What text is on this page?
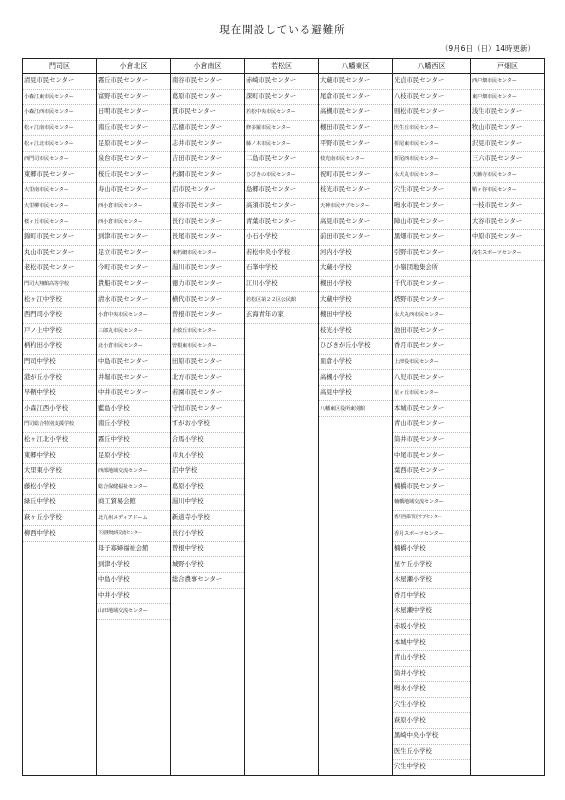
現在開設している避難所
（9月6日（日）14時更新）
門司区	小倉北区	小倉南区	若松区	八幡東区	八幡西区	戸畑区
清見市民センター	霧丘市民センター	南谷市民センター	赤崎市民センター	大蔵市民センター	光貞市民センター	西戸畑市民センター
小森江東市民センター	富野市民センター	葛原市民センター	深町市民センター	尾倉市民センター	八枝市民センター	東戸畑市民センター
小森江西市民センター	日明市民センター	貫市民センター	若松中央市民センター	高槻市民センター	則松市民センター	浅生市民センター
松ヶ江南市民センター	南丘市民センター	広徳市民センター	修多羅市民センター	槻田市民センター	医生丘市民センター	牧山市民センター
松ヶ江北市民センター	足原市民センター	志井市民センター	藤ノ木市民センター	平野市民センター	折尾東市民センター	沢見市民センター
西門司市民センター	泉台市民センター	吉田市民センター	二島市民センター	枝光南市民センター	折尾西市民センター	三六市民センター
東郷市民センター	桜丘市民センター	朽網市民センター	ひびきの市民センター	祝町市民センター	永犬丸市民センター	天籟寺市民センター
大里南市民センター	寿山市民センター	沼市民センター	島郷市民センター	枝光市民センター	穴生市民センター	鞘ヶ谷市民センター
大里柳市民センター	西小倉市民センター	東谷市民センター	高須市民センター	天神市民サブセンター	鳴水市民センター	一枝市民センター
桜ヶ丘市民センター	西小倉市民センター	長行市民センター	青葉市民センター	高見市民センター	陣山市民センター	大谷市民センター
錦町市民センター	到津市民センター	長尾市民センター	小石小学校	前田市民センター	黒畑市民センター	中原市民センター
丸山市民センター	足立市民センター	東朽網市民センター	若松中央小学校	河内小学校	引野市民センター	浅生スポーツセンター
老松市民センター	今町市民センター	湯川市民センター	石峯中学校	大蔵小学校	小嶺団地集会所	
門司大翔館高等学校	貴船市民センター	徳力市民センター	江川小学校	槻田小学校	千代市民センター	
松ヶ江中学校	清水市民センター	横代市民センター	若松区第２２区公民館	大蔵中学校	塔野市民センター	
西門司小学校	小倉中央市民センター	曽根市民センター	玄海青年の家	槻田中学校	永犬丸西市民センター	
戸ノ上中学校	三郎丸市民センター	企救丘市民センター		枝光小学校	池田市民センター	
柄杓田小学校	北小倉市民センター	曽根東市民センター		ひびきが丘小学校	香月市民センター	
門司中学校	中島市民センター	田原市民センター		皿倉小学校	上津役市民センター	
港が丘小学校	井堀市民センター	北方市民センター		高槻小学校	八児市民センター	
早鞆中学校	中井市民センター	若園市民センター		高見中学校	星ヶ丘市民センター	
小森江西小学校	藍島小学校	守恒市民センター		八幡東区役所東別館	本城市民センター	
門司総合特別支援学校	南丘小学校	すがお小学校			青山市民センター	
松ヶ江北小学校	霧丘中学校	合馬小学校			筒井市民センター	
東郷中学校	足原小学校	市丸小学校			中尾市民センター	
大里東小学校	西部地域交流センター	沼中学校			葉西市民センター	
藤松小学校	総合保健福祉センター	葛原小学校			楠橋市民センター	
緑丘中学校	商工貿易会館	湯川中学校			楠橋地域交流センター	
萩ヶ丘小学校	北九州メディアドーム	新道寺小学校			香月西部市民サブセンター	
柳西中学校	下富野地域交流センター	長行小学校			香月スポーツセンター	
	母子寡婦福祉会館	曽根中学校			楠橋小学校	
	到津小学校	城野小学校			星ケ丘小学校	
	中島小学校	総合農事センター			木屋瀬小学校	
	中井小学校				香月中学校	
	山田地域交流センター				木屋瀬中学校	
					赤坂小学校	
					本城中学校	
					青山小学校	
					筒井小学校	
					鳴水小学校	
					穴生小学校	
					萩原小学校	
					黒崎中央小学校	
					医生丘小学校	
					穴生中学校	
